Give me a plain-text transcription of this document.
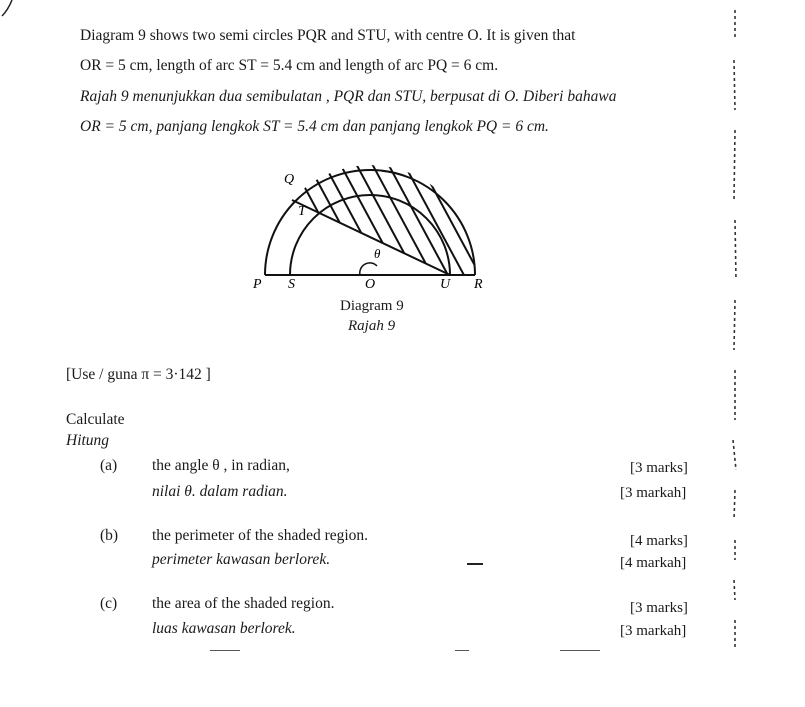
Diagram 9 shows two semi circles PQR and STU, with centre O. It is given that
OR = 5 cm, length of arc ST = 5.4 cm and length of arc PQ = 6 cm.
Rajah 9 menunjukkan dua semibulatan , PQR dan STU, berpusat di O. Diberi bahawa
OR = 5 cm, panjang lengkok ST = 5.4 cm dan panjang lengkok PQ = 6 cm.
P S	O	U R
Q
T
θ
Diagram 9
Rajah 9
[Use / guna π = 3·142 ]
Calculate
Hitung
(a) the angle θ , in radian,
nilai θ. dalam radian.
[3 marks]
[3 markah]
(b) the perimeter of the shaded region.
perimeter kawasan berlorek.
[4 marks]
[4 markah]
(c) the area of the shaded region.
luas kawasan berlorek.
[3 marks]
[3 markah]
